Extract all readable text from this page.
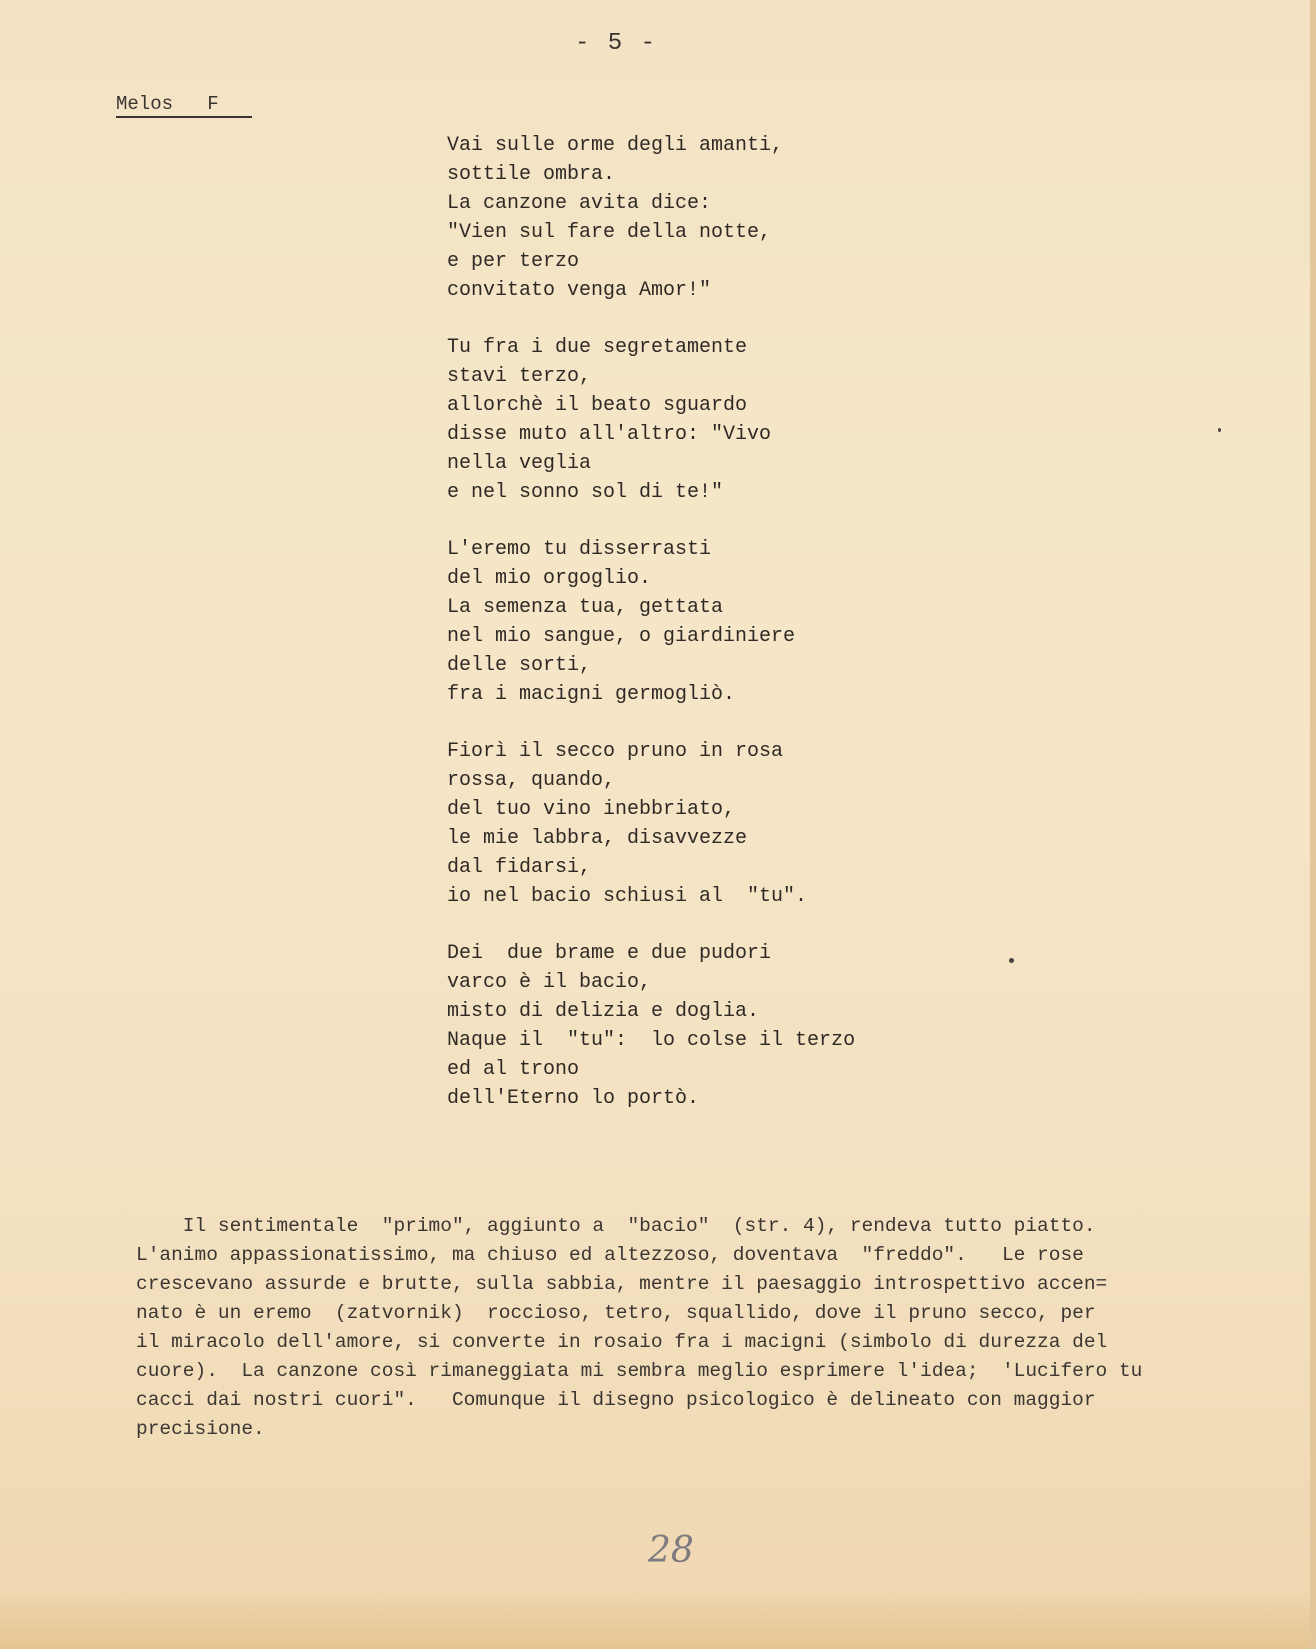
- 5 -
Melos   F
Vai sulle orme degli amanti,
sottile ombra.
La canzone avita dice:
"Vien sul fare della notte,
e per terzo
convitato venga Amor!"
Tu fra i due segretamente
stavi terzo,
allorchè il beato sguardo
disse muto all'altro: "Vivo
nella veglia
e nel sonno sol di te!"
L'eremo tu disserrasti
del mio orgoglio.
La semenza tua, gettata
nel mio sangue, o giardiniere
delle sorti,
fra i macigni germogliò.
Fiorì il secco pruno in rosa
rossa, quando,
del tuo vino inebbriato,
le mie labbra, disavvezze
dal fidarsi,
io nel bacio schiusi al  "tu".
Dei  due brame e due pudori
varco è il bacio,
misto di delizia e doglia.
Naque il  "tu":  lo colse il terzo
ed al trono
dell'Eterno lo portò.
Il sentimentale  "primo", aggiunto a  "bacio"  (str. 4), rendeva tutto piatto.
L'animo appassionatissimo, ma chiuso ed altezzoso, doventava  "freddo".   Le rose
crescevano assurde e brutte, sulla sabbia, mentre il paesaggio introspettivo accen=
nato è un eremo  (zatvornik)  roccioso, tetro, squallido, dove il pruno secco, per
il miracolo dell'amore, si converte in rosaio fra i macigni (simbolo di durezza del
cuore).  La canzone così rimaneggiata mi sembra meglio esprimere l'idea;  'Lucifero tu
cacci dai nostri cuori".   Comunque il disegno psicologico è delineato con maggior
precisione.
28
